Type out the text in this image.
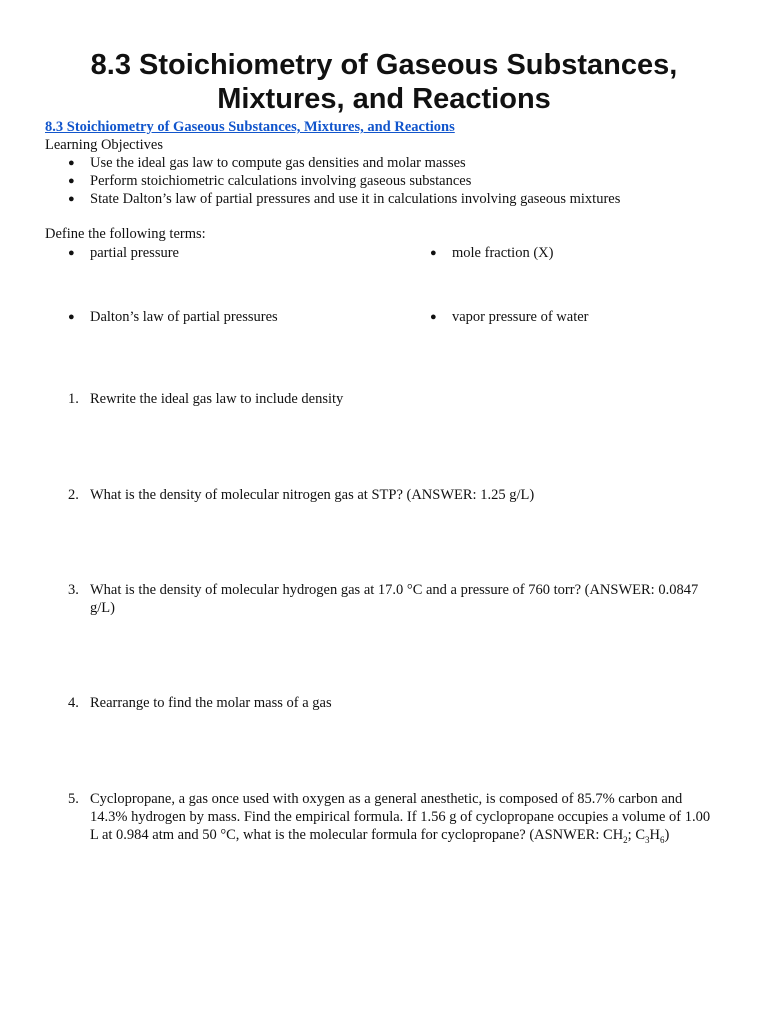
8.3 Stoichiometry of Gaseous Substances,
Mixtures, and Reactions
8.3 Stoichiometry of Gaseous Substances, Mixtures, and Reactions
Learning Objectives
● Use the ideal gas law to compute gas densities and molar masses
● Perform stoichiometric calculations involving gaseous substances
● State Dalton’s law of partial pressures and use it in calculations involving gaseous mixtures
Define the following terms:
● partial pressure	● mole fraction (X)
● Dalton’s law of partial pressures	● vapor pressure of water
1. Rewrite the ideal gas law to include density
2. What is the density of molecular nitrogen gas at STP? (ANSWER: 1.25 g/L)
3. What is the density of molecular hydrogen gas at 17.0 °C and a pressure of 760 torr? (ANSWER: 0.0847 g/L)
4. Rearrange to find the molar mass of a gas
5. Cyclopropane, a gas once used with oxygen as a general anesthetic, is composed of 85.7% carbon and 14.3% hydrogen by mass. Find the empirical formula. If 1.56 g of cyclopropane occupies a volume of 1.00 L at 0.984 atm and 50 °C, what is the molecular formula for cyclopropane? (ASNWER: $CH_2$; $C_3H_6$)
